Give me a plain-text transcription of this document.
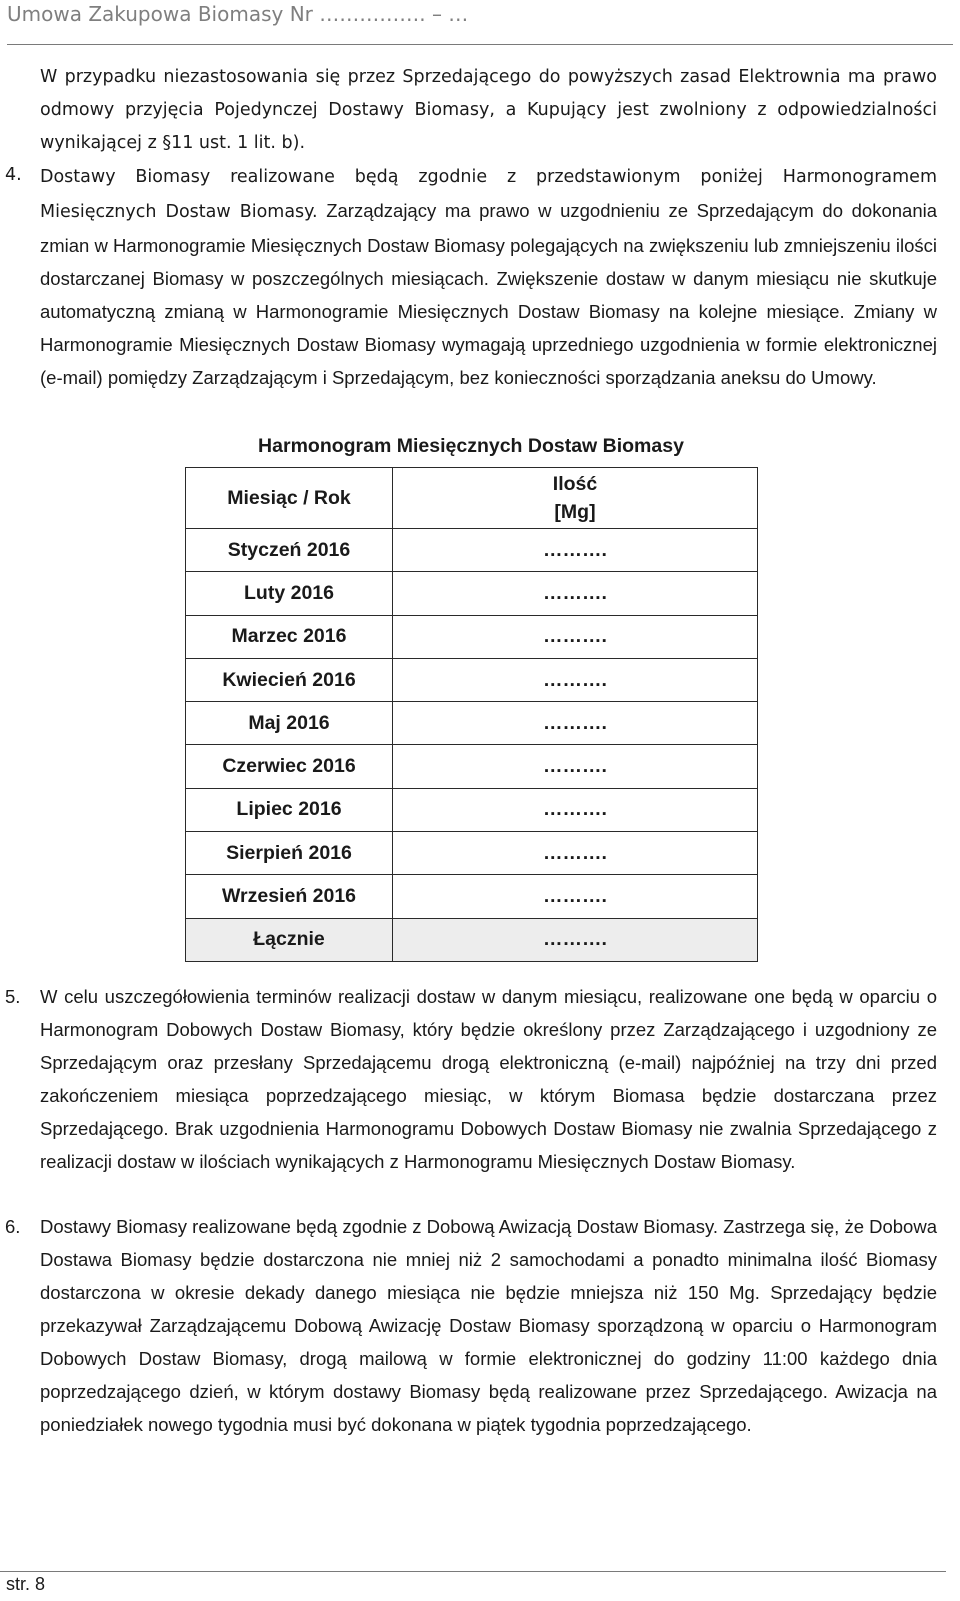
Umowa Zakupowa Biomasy Nr ……………. – …

W przypadku niezastosowania się przez Sprzedającego do powyższych zasad Elektrownia ma prawo odmowy przyjęcia Pojedynczej Dostawy Biomasy, a Kupujący jest zwolniony z odpowiedzialności wynikającej z §11 ust. 1 lit. b).

4. Dostawy Biomasy realizowane będą zgodnie z przedstawionym poniżej Harmonogramem Miesięcznych Dostaw Biomasy. Zarządzający ma prawo w uzgodnieniu ze Sprzedającym do dokonania zmian w Harmonogramie Miesięcznych Dostaw Biomasy polegających na zwiększeniu lub zmniejszeniu ilości dostarczanej Biomasy w poszczególnych miesiącach. Zwiększenie dostaw w danym miesiącu nie skutkuje automatyczną zmianą w Harmonogramie Miesięcznych Dostaw Biomasy na kolejne miesiące. Zmiany w Harmonogramie Miesięcznych Dostaw Biomasy wymagają uprzedniego uzgodnienia w formie elektronicznej (e-mail) pomiędzy Zarządzającym i Sprzedającym, bez konieczności sporządzania aneksu do Umowy.

Harmonogram Miesięcznych Dostaw Biomasy
Miesiąc / Rok	Ilość
[Mg]
Styczeń 2016	……….
Luty 2016	……….
Marzec 2016	……….
Kwiecień 2016	……….
Maj 2016	……….
Czerwiec 2016	……….
Lipiec 2016	……….
Sierpień 2016	……….
Wrzesień 2016	……….
Łącznie	……….
5. W celu uszczegółowienia terminów realizacji dostaw w danym miesiącu, realizowane one będą w oparciu o Harmonogram Dobowych Dostaw Biomasy, który będzie określony przez Zarządzającego i uzgodniony ze Sprzedającym oraz przesłany Sprzedającemu drogą elektroniczną (e-mail) najpóźniej na trzy dni przed zakończeniem miesiąca poprzedzającego miesiąc, w którym Biomasa będzie dostarczana przez Sprzedającego. Brak uzgodnienia Harmonogramu Dobowych Dostaw Biomasy nie zwalnia Sprzedającego z realizacji dostaw w ilościach wynikających z Harmonogramu Miesięcznych Dostaw Biomasy.

6. Dostawy Biomasy realizowane będą zgodnie z Dobową Awizacją Dostaw Biomasy. Zastrzega się, że Dobowa Dostawa Biomasy będzie dostarczona nie mniej niż 2 samochodami a ponadto minimalna ilość Biomasy dostarczona w okresie dekady danego miesiąca nie będzie mniejsza niż 150 Mg. Sprzedający będzie przekazywał Zarządzającemu Dobową Awizację Dostaw Biomasy sporządzoną w oparciu o Harmonogram Dobowych Dostaw Biomasy, drogą mailową w formie elektronicznej do godziny 11:00 każdego dnia poprzedzającego dzień, w którym dostawy Biomasy będą realizowane przez Sprzedającego. Awizacja na poniedziałek nowego tygodnia musi być dokonana w piątek tygodnia poprzedzającego.

str. 8
